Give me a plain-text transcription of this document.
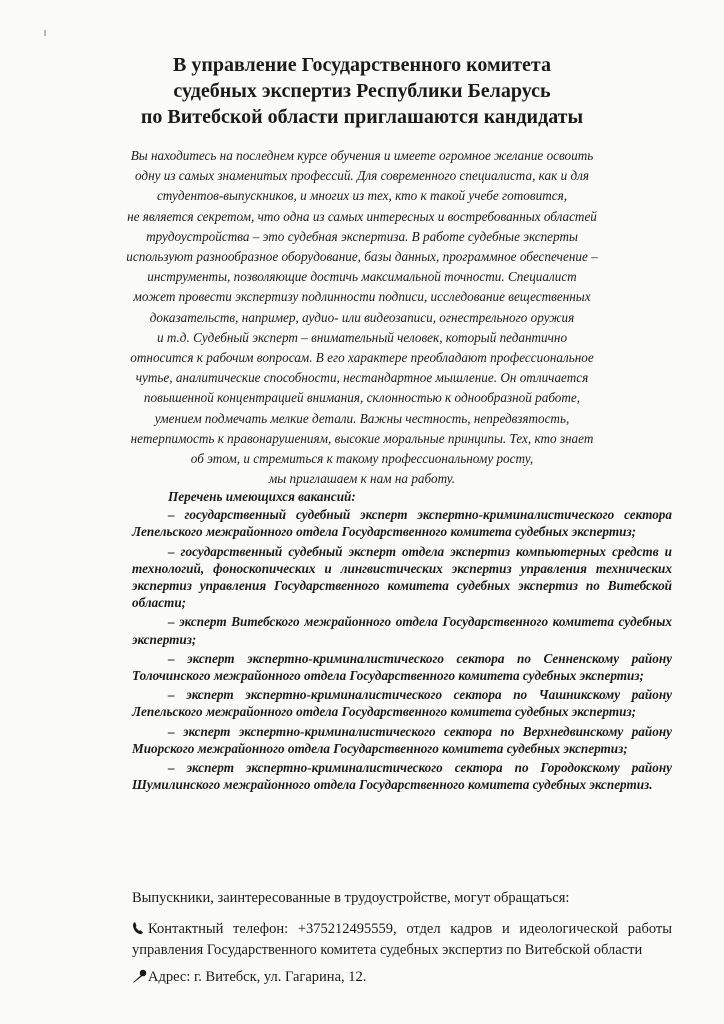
В управление Государственного комитета
судебных экспертиз Республики Беларусь
по Витебской области приглашаются кандидаты

Вы находитесь на последнем курсе обучения и имеете огромное желание освоить
одну из самых знаменитых профессий. Для современного специалиста, как и для
студентов-выпускников, и многих из тех, кто к такой учебе готовится,
не является секретом, что одна из самых интересных и востребованных областей
трудоустройства – это судебная экспертиза. В работе судебные эксперты
используют разнообразное оборудование, базы данных, программное обеспечение –
инструменты, позволяющие достичь максимальной точности. Специалист
может провести экспертизу подлинности подписи, исследование вещественных
доказательств, например, аудио- или видеозаписи, огнестрельного оружия
и т.д. Судебный эксперт – внимательный человек, который педантично
относится к рабочим вопросам. В его характере преобладают профессиональное
чутье, аналитические способности, нестандартное мышление. Он отличается
повышенной концентрацией внимания, склонностью к однообразной работе,
умением подмечать мелкие детали. Важны честность, непредвзятость,
нетерпимость к правонарушениям, высокие моральные принципы. Тех, кто знает
об этом, и стремиться к такому профессиональному росту,
мы приглашаем к нам на работу.

Перечень имеющихся вакансий:

– государственный судебный эксперт экспертно-криминалистического сектора Лепельского межрайонного отдела Государственного комитета судебных экспертиз;
– государственный судебный эксперт отдела экспертиз компьютерных средств и технологий, фоноскопических и лингвистических экспертиз управления технических экспертиз управления Государственного комитета судебных экспертиз по Витебской области;
– эксперт Витебского межрайонного отдела Государственного комитета судебных экспертиз;
– эксперт экспертно-криминалистического сектора по Сенненскому району Толочинского межрайонного отдела Государственного комитета судебных экспертиз;
– эксперт экспертно-криминалистического сектора по Чашникскому району Лепельского межрайонного отдела Государственного комитета судебных экспертиз;
– эксперт экспертно-криминалистического сектора по Верхнедвинскому району Миорского межрайонного отдела Государственного комитета судебных экспертиз;
– эксперт экспертно-криминалистического сектора по Городокскому району Шумилинского межрайонного отдела Государственного комитета судебных экспертиз.

Выпускники, заинтересованные в трудоустройстве, могут обращаться:

Контактный телефон: +375212495559, отдел кадров и идеологической работы управления Государственного комитета судебных экспертиз по Витебской области

Адрес: г. Витебск, ул. Гагарина, 12.
